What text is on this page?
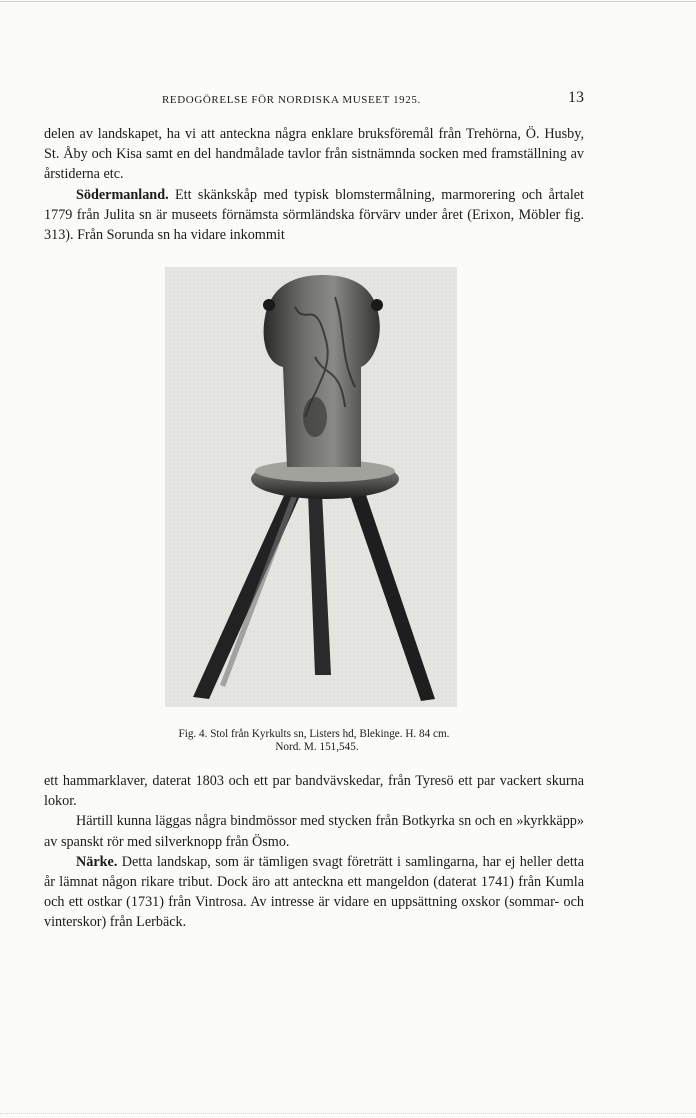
REDOGÖRELSE FÖR NORDISKA MUSEET 1925.	13

delen av landskapet, ha vi att anteckna några enklare bruksföremål från Trehörna, Ö. Husby, St. Åby och Kisa samt en del handmålade tavlor från sistnämnda socken med framställning av årstiderna etc.

Södermanland. Ett skänkskåp med typisk blomstermålning, marmorering och årtalet 1779 från Julita sn är museets förnämsta sörmländska förvärv under året (Erixon, Möbler fig. 313). Från Sorunda sn ha vidare inkommit

Fig. 4. Stol från Kyrkults sn, Listers hd, Blekinge. H. 84 cm.
Nord. M. 151,545.

ett hammarklaver, daterat 1803 och ett par bandvävskedar, från Tyresö ett par vackert skurna lokor.

Härtill kunna läggas några bindmössor med stycken från Botkyrka sn och en »kyrkkäpp» av spanskt rör med silverknopp från Ösmo.

Närke. Detta landskap, som är tämligen svagt företrätt i samlingarna, har ej heller detta år lämnat någon rikare tribut. Dock äro att anteckna ett mangeldon (daterat 1741) från Kumla och ett ostkar (1731) från Vintrosa. Av intresse är vidare en uppsättning oxskor (sommar- och vinterskor) från Lerbäck.
